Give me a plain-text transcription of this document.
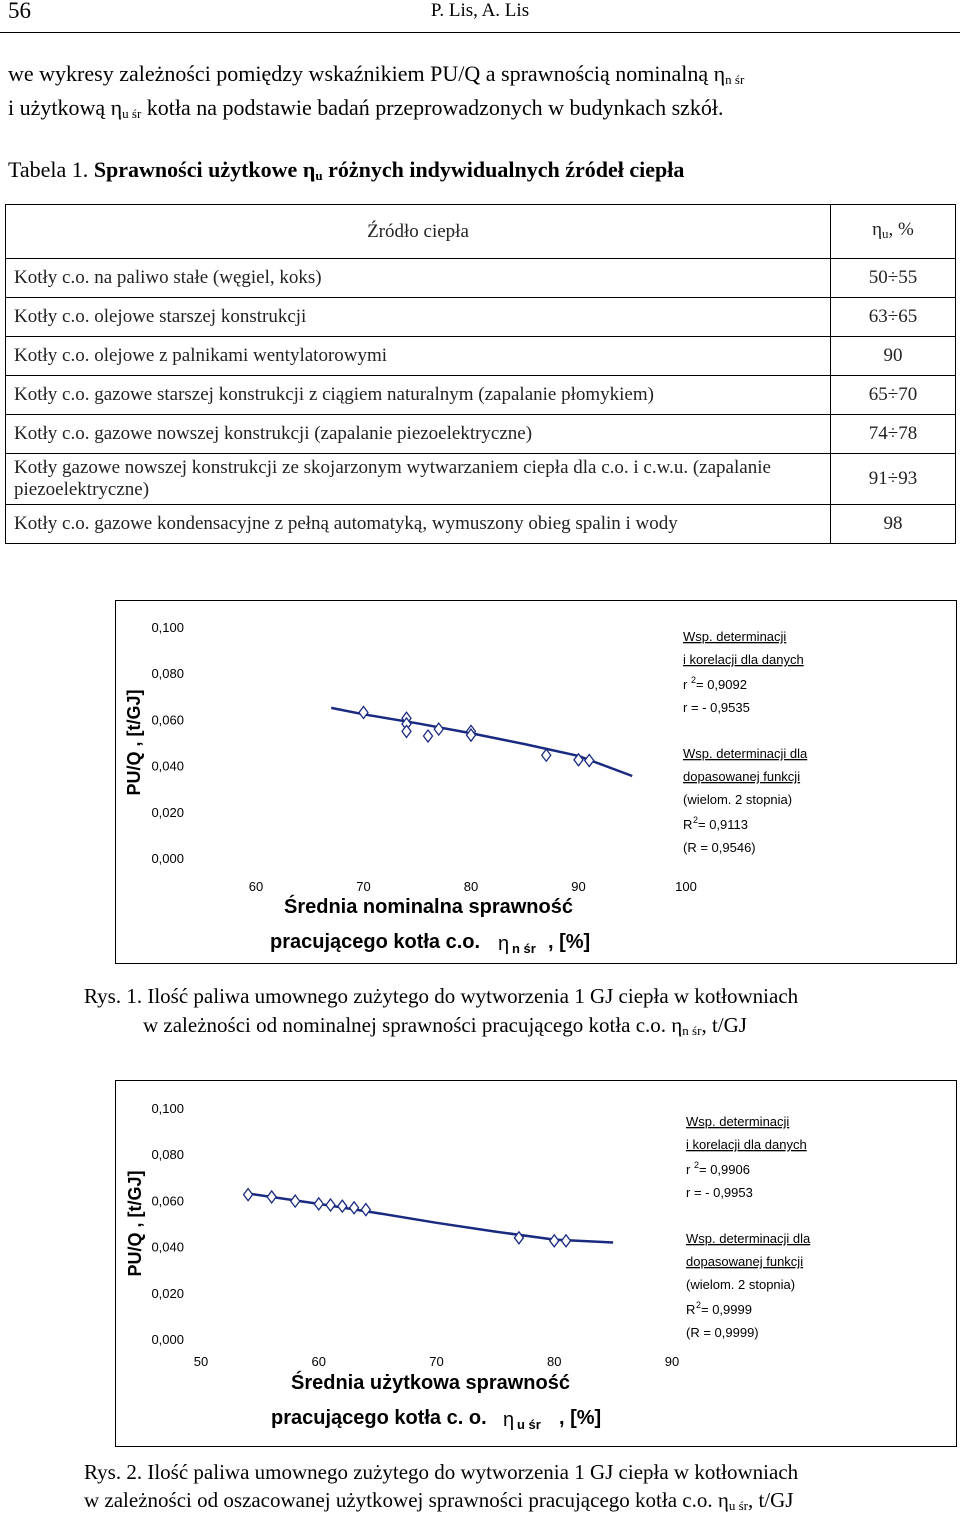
56	P. Lis, A. Lis
we wykresy zależności pomiędzy wskaźnikiem PU/Q a sprawnością nominalną $\eta_{n śr}$
i użytkową $\eta_{u śr}$ kotła na podstawie badań przeprowadzonych w budynkach szkół.
Tabela 1. Sprawności użytkowe $\eta_u$ różnych indywidualnych źródeł ciepła
Źródło ciepła	$\eta_u$, %
Kotły c.o. na paliwo stałe (węgiel, koks)	50÷55
Kotły c.o. olejowe starszej konstrukcji	63÷65
Kotły c.o. olejowe z palnikami wentylatorowymi	90
Kotły c.o. gazowe starszej konstrukcji z ciągiem naturalnym (zapalanie płomykiem)	65÷70
Kotły c.o. gazowe nowszej konstrukcji (zapalanie piezoelektryczne)	74÷78
Kotły gazowe nowszej konstrukcji ze skojarzonym wytwarzaniem ciepła dla c.o. i c.w.u. (zapalanie piezoelektryczne)	91÷93
Kotły c.o. gazowe kondensacyjne z pełną automatyką, wymuszony obieg spalin i wody	98
0,000
0,020
0,040
0,060
0,080
0,100
60	70	80	90	100
PU/Q , [t/GJ]
Średnia nominalna sprawność
pracującego kotła c.o. η n śr , [%]
Wsp. determinacji
i korelacji dla danych
r 2 = 0,9092
r = - 0,9535
Wsp. determinacji dla
dopasowanej funkcji
(wielom. 2 stopnia)
R 2 = 0,9113
(R = 0,9546)
Rys. 1. Ilość paliwa umownego zużytego do wytworzenia 1 GJ ciepła w kotłowniach
w zależności od nominalnej sprawności pracującego kotła c.o. $\eta_{n śr}$, t/GJ
0,000
0,020
0,040
0,060
0,080
0,100
50	60	70	80	90
PU/Q , [t/GJ]
Średnia użytkowa sprawność
pracującego kotła c. o. η u śr , [%]
Wsp. determinacji
i korelacji dla danych
r 2 = 0,9906
r = - 0,9953
Wsp. determinacji dla
dopasowanej funkcji
(wielom. 2 stopnia)
R 2 = 0,9999
(R = 0,9999)
Rys. 2. Ilość paliwa umownego zużytego do wytworzenia 1 GJ ciepła w kotłowniach
w zależności od oszacowanej użytkowej sprawności pracującego kotła c.o. $\eta_{u śr}$, t/GJ
